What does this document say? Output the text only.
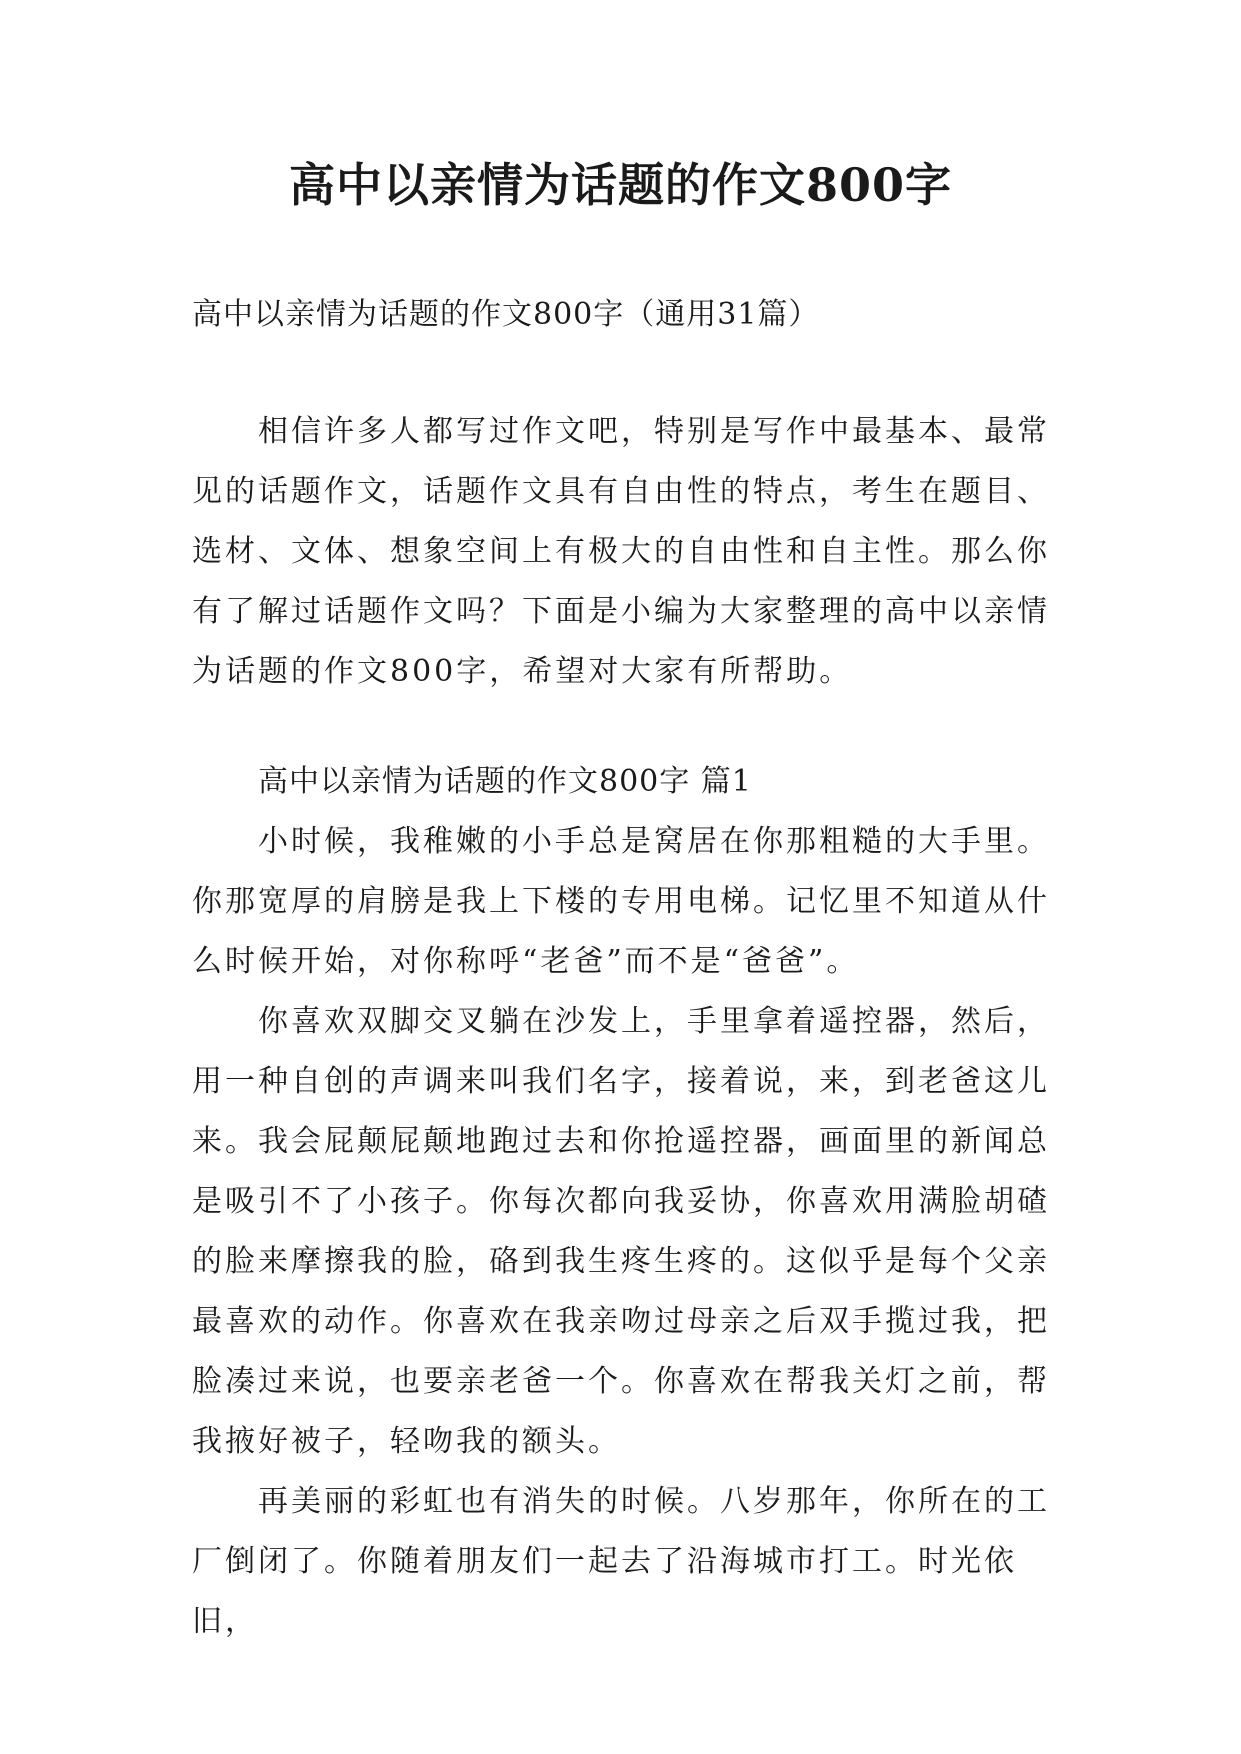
高中以亲情为话题的作文800字

高中以亲情为话题的作文800字（通用31篇）

相信许多人都写过作文吧，特别是写作中最基本、最常见的话题作文，话题作文具有自由性的特点，考生在题目、选材、文体、想象空间上有极大的自由性和自主性。那么你有了解过话题作文吗？下面是小编为大家整理的高中以亲情为话题的作文800字，希望对大家有所帮助。

高中以亲情为话题的作文800字 篇1

小时候，我稚嫩的小手总是窝居在你那粗糙的大手里。你那宽厚的肩膀是我上下楼的专用电梯。记忆里不知道从什么时候开始，对你称呼“老爸”而不是“爸爸”。

你喜欢双脚交叉躺在沙发上，手里拿着遥控器，然后，用一种自创的声调来叫我们名字，接着说，来，到老爸这儿来。我会屁颠屁颠地跑过去和你抢遥控器，画面里的新闻总是吸引不了小孩子。你每次都向我妥协，你喜欢用满脸胡碴的脸来摩擦我的脸，硌到我生疼生疼的。这似乎是每个父亲最喜欢的动作。你喜欢在我亲吻过母亲之后双手揽过我，把脸凑过来说，也要亲老爸一个。你喜欢在帮我关灯之前，帮我掖好被子，轻吻我的额头。

再美丽的彩虹也有消失的时候。八岁那年，你所在的工厂倒闭了。你随着朋友们一起去了沿海城市打工。时光依旧，
